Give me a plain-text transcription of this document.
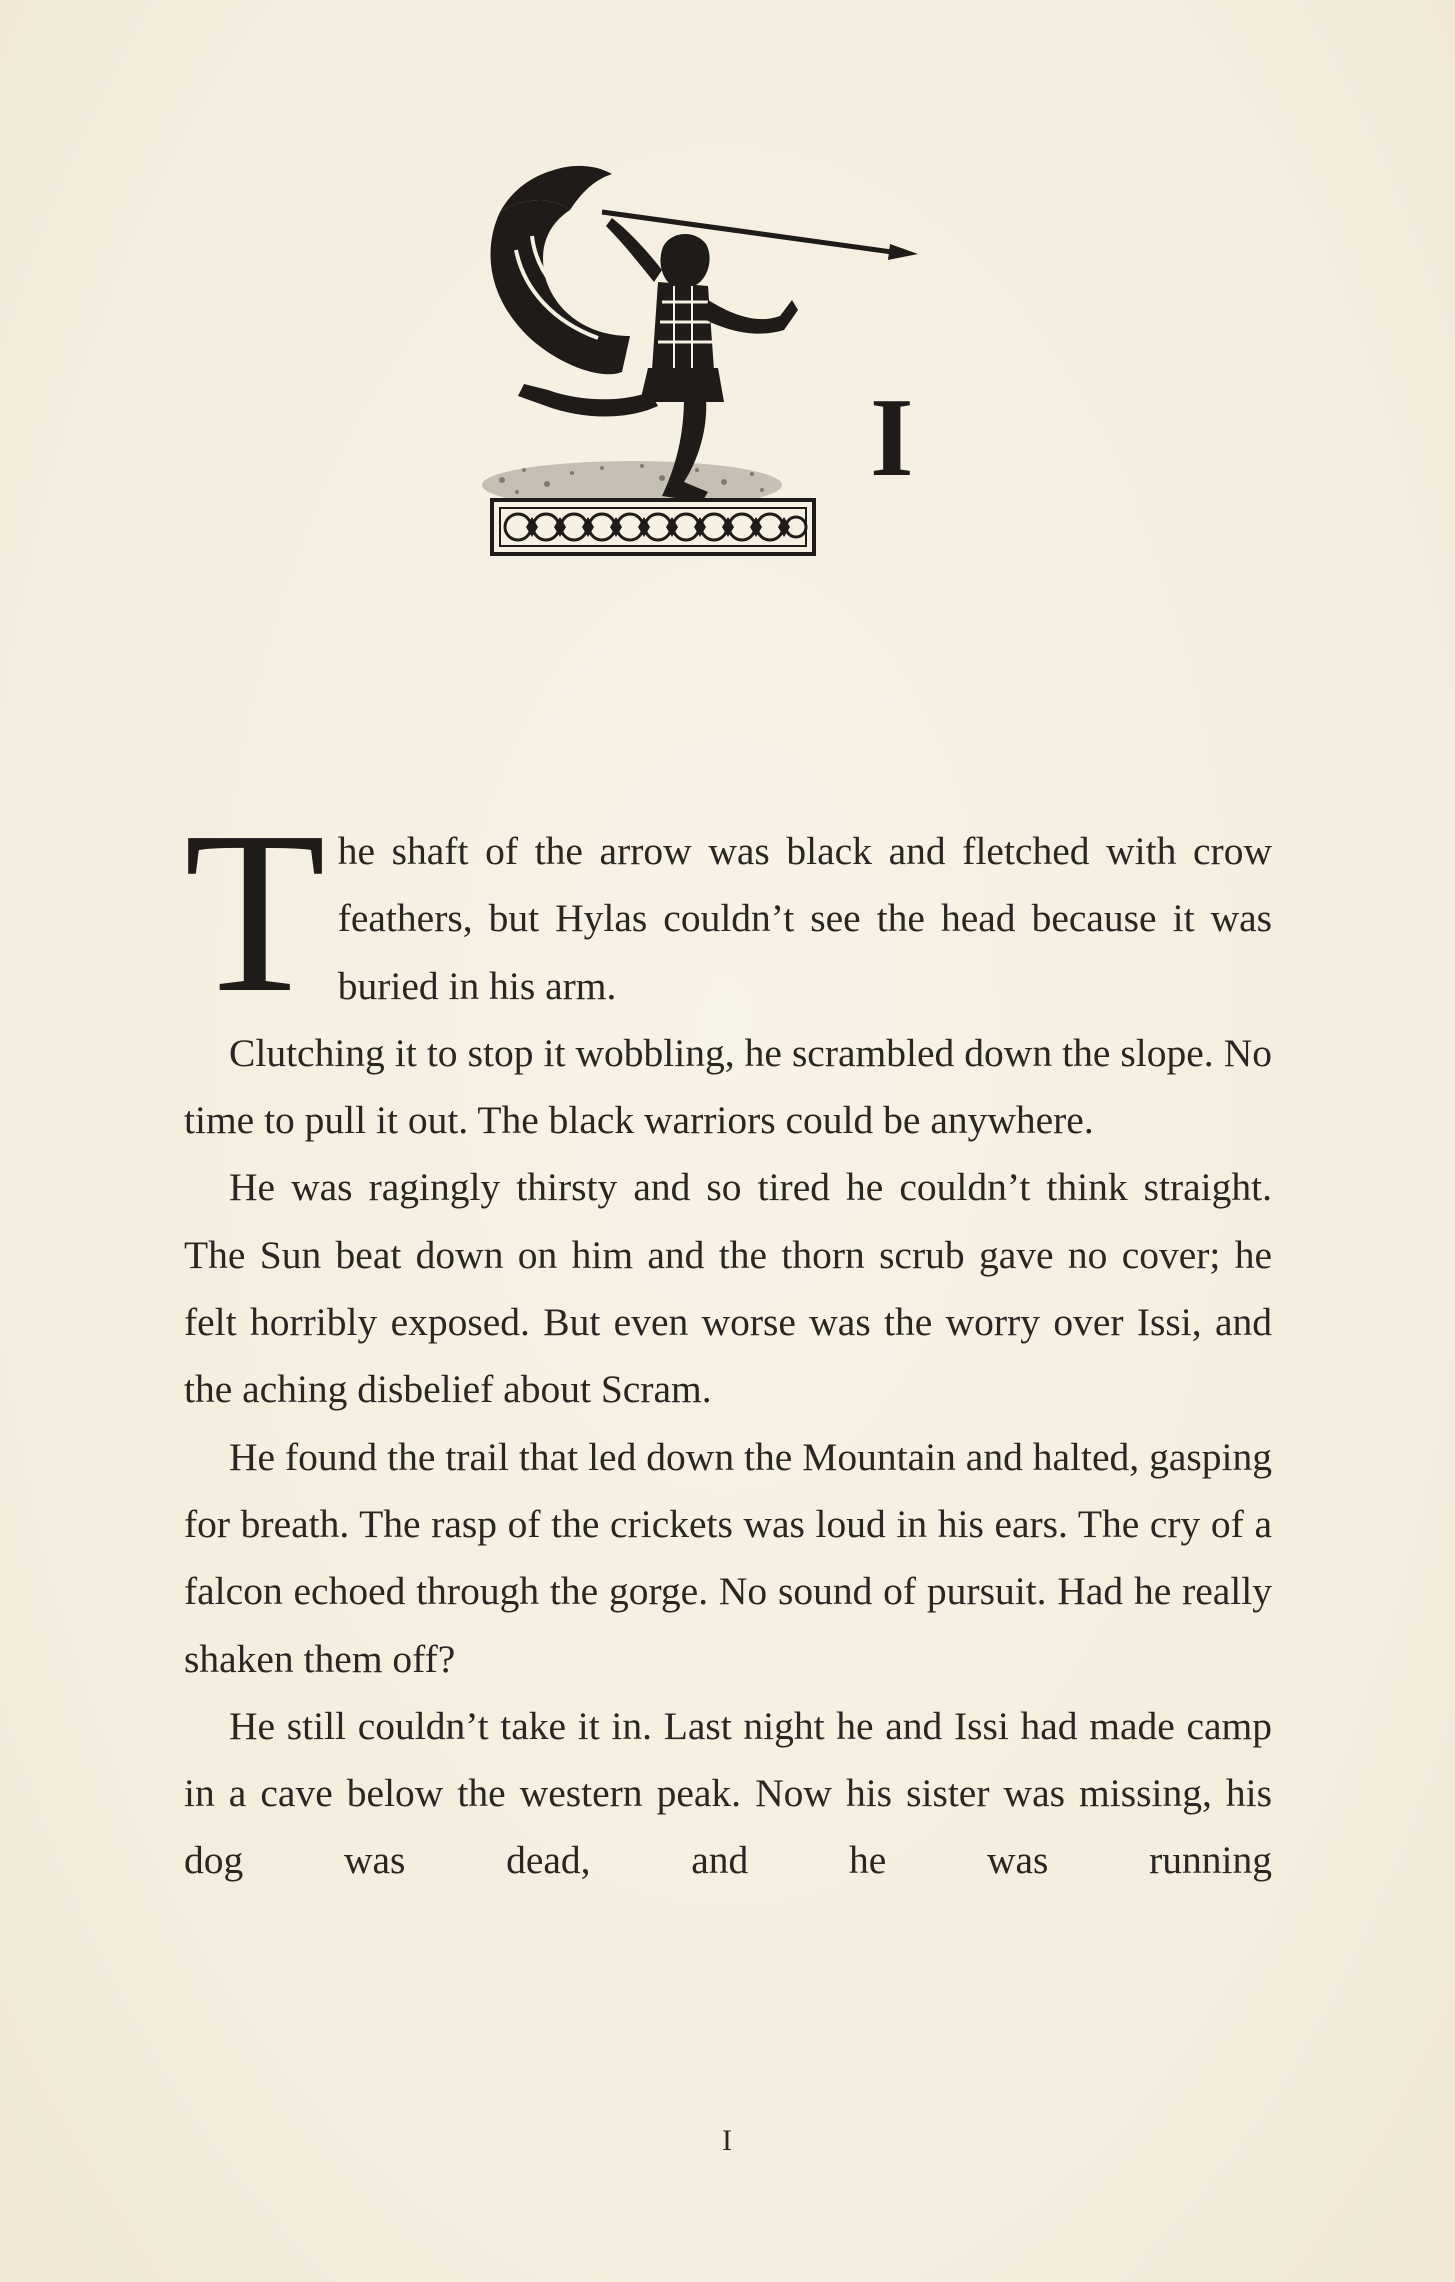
I

The shaft of the arrow was black and fletched with crow feathers, but Hylas couldn’t see the head because it was buried in his arm.

Clutching it to stop it wobbling, he scrambled down the slope. No time to pull it out. The black warriors could be anywhere.

He was ragingly thirsty and so tired he couldn’t think straight. The Sun beat down on him and the thorn scrub gave no cover; he felt horribly exposed. But even worse was the worry over Issi, and the aching disbelief about Scram.

He found the trail that led down the Mountain and halted, gasping for breath. The rasp of the crickets was loud in his ears. The cry of a falcon echoed through the gorge. No sound of pursuit. Had he really shaken them off?

He still couldn’t take it in. Last night he and Issi had made camp in a cave below the western peak. Now his sister was missing, his dog was dead, and he was running

I
